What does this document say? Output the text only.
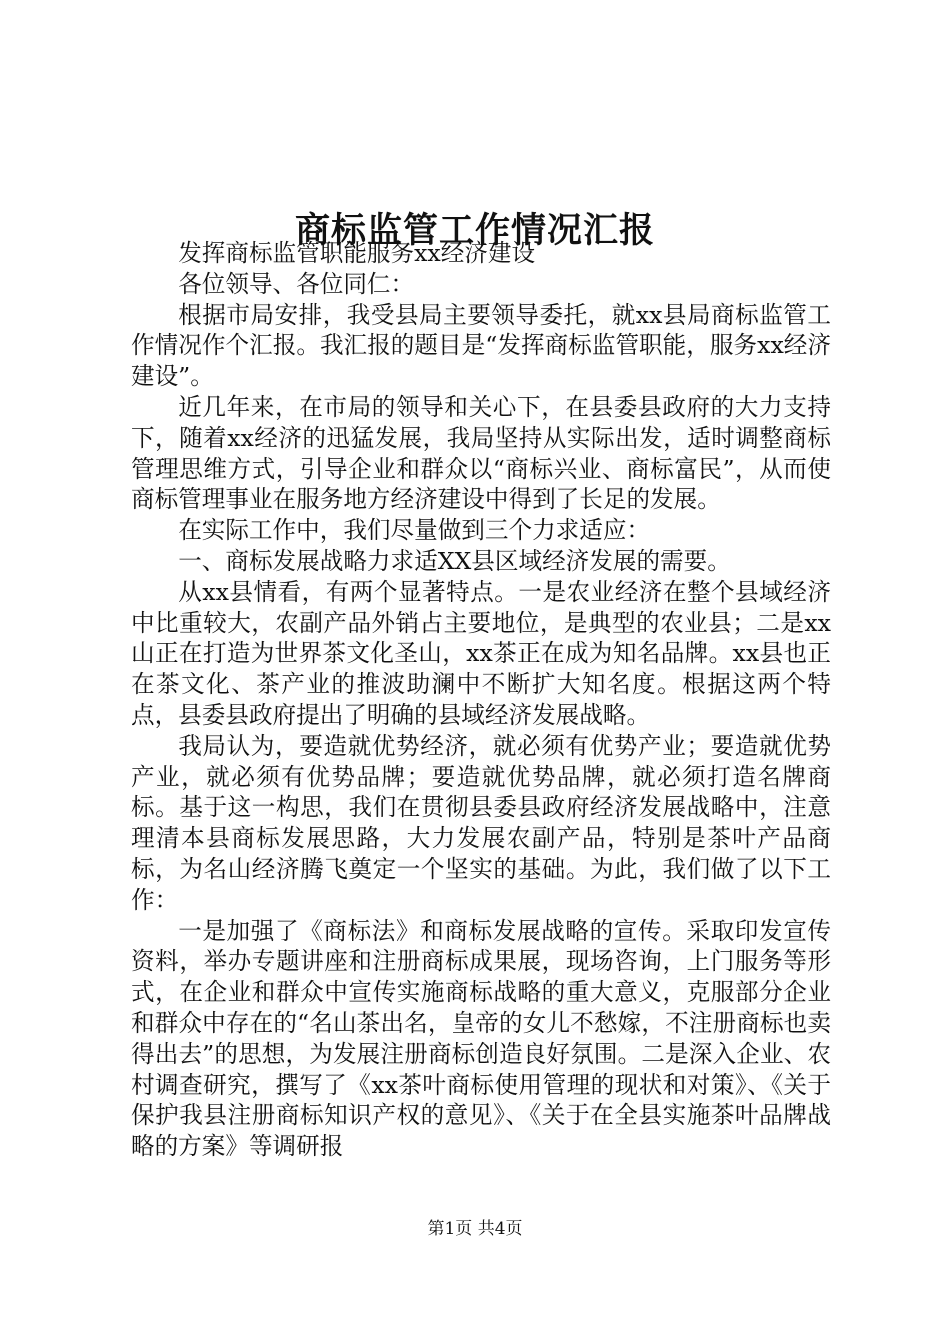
商标监管工作情况汇报

发挥商标监管职能服务xx经济建设

各位领导、各位同仁：

根据市局安排，我受县局主要领导委托，就xx县局商标监管工作情况作个汇报。我汇报的题目是“发挥商标监管职能，服务xx经济建设”。

近几年来，在市局的领导和关心下，在县委县政府的大力支持下，随着xx经济的迅猛发展，我局坚持从实际出发，适时调整商标管理思维方式，引导企业和群众以“商标兴业、商标富民”，从而使商标管理事业在服务地方经济建设中得到了长足的发展。

在实际工作中，我们尽量做到三个力求适应：

一、商标发展战略力求适XX县区域经济发展的需要。

从xx县情看，有两个显著特点。一是农业经济在整个县域经济中比重较大，农副产品外销占主要地位，是典型的农业县；二是xx山正在打造为世界茶文化圣山，xx茶正在成为知名品牌。xx县也正在茶文化、茶产业的推波助澜中不断扩大知名度。根据这两个特点，县委县政府提出了明确的县域经济发展战略。

我局认为，要造就优势经济，就必须有优势产业；要造就优势产业，就必须有优势品牌；要造就优势品牌，就必须打造名牌商标。基于这一构思，我们在贯彻县委县政府经济发展战略中，注意理清本县商标发展思路，大力发展农副产品，特别是茶叶产品商标，为名山经济腾飞奠定一个坚实的基础。为此，我们做了以下工作：

一是加强了《商标法》和商标发展战略的宣传。采取印发宣传资料，举办专题讲座和注册商标成果展，现场咨询，上门服务等形式，在企业和群众中宣传实施商标战略的重大意义，克服部分企业和群众中存在的“名山茶出名，皇帝的女儿不愁嫁，不注册商标也卖得出去”的思想，为发展注册商标创造良好氛围。二是深入企业、农村调查研究，撰写了《xx茶叶商标使用管理的现状和对策》、《关于保护我县注册商标知识产权的意见》、《关于在全县实施茶叶品牌战略的方案》等调研报

第1页 共4页
